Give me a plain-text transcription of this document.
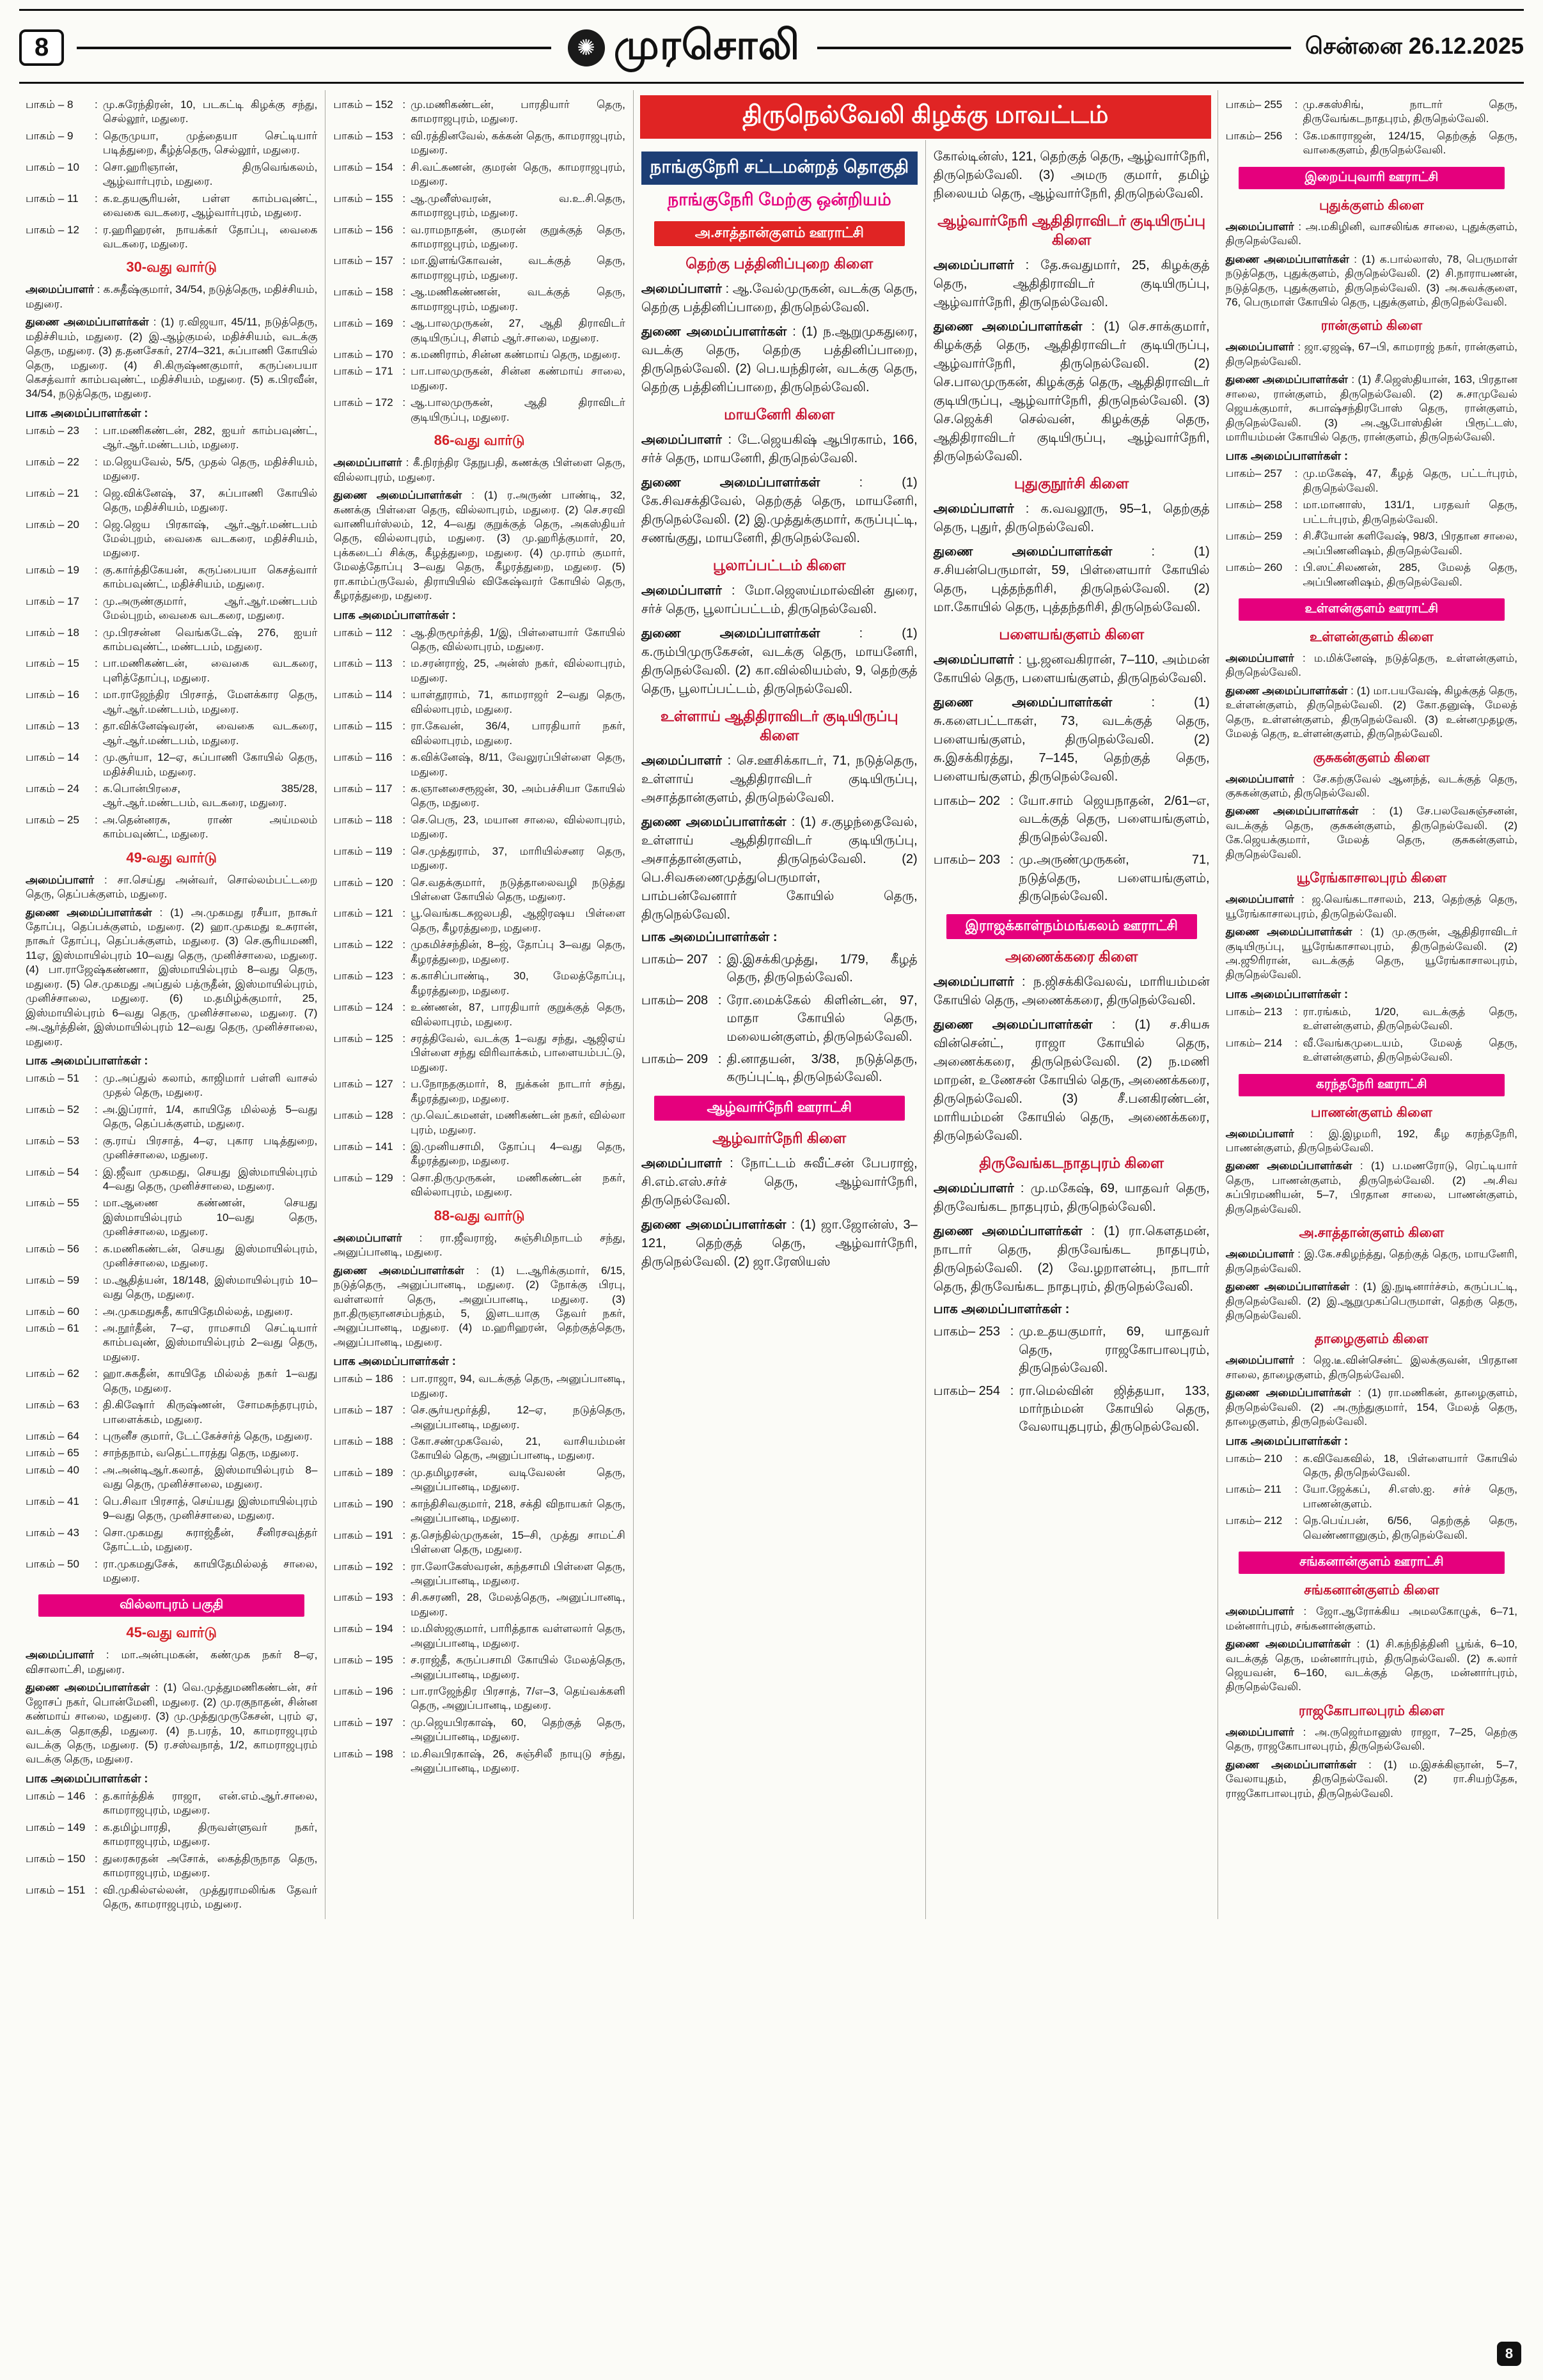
8	✺ முரசொலி	சென்னை 26.12.2025
பாகம் – 8	: மு.சுரேந்திரன், 10, படகட்டி கிழக்கு சந்து, செல்லூர், மதுரை.
பாகம் – 9	: தெருமுயா, முத்தையா செட்டியார் படித்துறை, கீழ்த்தெரு, செல்லூர், மதுரை.
பாகம் – 10	: சொ.ஹரிஞான், திருவெங்கலம், ஆழ்வார்புரம், மதுரை.
பாகம் – 11	: க.உதயசூரியன், பள்ள காம்பவுண்ட், வைகை வடகரை, ஆழ்வார்புரம், மதுரை.
பாகம் – 12	: ர.ஹரிஹரன், நாயக்கர் தோப்பு, வைகை வடகரை, மதுரை.
30-வது வார்டு
அமைப்பாளர் : க.சுதீஷ்குமார், 34/54, நடுத்தெரு, மதிச்சியம், மதுரை.
துணை அமைப்பாளர்கள் : (1) ர.விஜயா, 45/11, நடுத்தெரு, மதிச்சியம், மதுரை. (2) இ.ஆழ்குமல், மதிச்சியம், வடக்கு தெரு, மதுரை. (3) த.தனசேகர், 27/4–321, சுப்பாணி கோயில் தெரு, மதுரை. (4) சி.கிருஷ்ணகுமார், கருப்பையா கெசத்வார் காம்பவுண்ட், மதிச்சியம், மதுரை. (5) க.பிரவீன், 34/54, நடுத்தெரு, மதுரை.
பாக அமைப்பாளர்கள் :
பாகம் – 23	: பா.மணிகண்டன், 282, ஐயர் காம்பவுண்ட், ஆர்.ஆர்.மண்டபம், மதுரை.
பாகம் – 22	: ம.ஜெயவேல், 5/5, முதல் தெரு, மதிச்சியம், மதுரை.
பாகம் – 21	: ஜெ.விக்னேஷ், 37, சுப்பாணி கோயில் தெரு, மதிச்சியம், மதுரை.
பாகம் – 20	: ஜெ.ஜெய பிரகாஷ், ஆர்.ஆர்.மண்டபம் மேல்புறம், வைகை வடகரை, மதிச்சியம், மதுரை.
பாகம் – 19	: கு.கார்த்திகேயன், கருப்பையா கெசத்வார் காம்பவுண்ட், மதிச்சியம், மதுரை.
பாகம் – 17	: மு.அருண்குமார், ஆர்.ஆர்.மண்டபம் மேல்புறம், வைகை வடகரை, மதுரை.
பாகம் – 18	: மு.பிரசன்ன வெங்கடேஷ், 276, ஐயர் காம்பவுண்ட், மண்டபம், மதுரை.
பாகம் – 15	: பா.மணிகண்டன், வைகை வடகரை, புளித்தோப்பு, மதுரை.
பாகம் – 16	: மா.ராஜேந்திர பிரசாத், மேளக்கார தெரு, ஆர்.ஆர்.மண்டபம், மதுரை.
பாகம் – 13	: தா.விக்னேஷ்வரன், வைகை வடகரை, ஆர்.ஆர்.மண்டபம், மதுரை.
பாகம் – 14	: மு.சூர்யா, 12–ஏ, சுப்பாணி கோயில் தெரு, மதிச்சியம், மதுரை.
பாகம் – 24	: க.பொன்பிரசை, 385/28, ஆர்.ஆர்.மண்டபம், வடகரை, மதுரை.
பாகம் – 25	: அ.தென்னரசு, ராண் அய்மலம் காம்பவுண்ட், மதுரை.
49-வது வார்டு
அமைப்பாளர் : சா.செய்து அன்வர், சொல்லம்பட்டறை தெரு, தெப்பக்குளம், மதுரை.
துணை அமைப்பாளர்கள் : (1) அ.முகமது ரசீயா, நாகூர் தோப்பு, தெப்பக்குளம், மதுரை. (2) ஹா.முகமது உசுரான், நாகூர் தோப்பு, தெப்பக்குளம், மதுரை. (3) செ.சூரியமணி, 11ஏ, இஸ்மாயில்புரம் 10–வது தெரு, முனிச்சாலை, மதுரை. (4) பா.ராஜேஷ்கண்ணா, இஸ்மாயில்புரம் 8–வது தெரு, மதுரை. (5) செ.முகமது அப்துல் பத்ருதீன், இஸ்மாயில்புரம், முனிச்சாலை, மதுரை. (6) ம.தமிழ்க்குமார், 25, இஸ்மாயில்புரம் 6–வது தெரு, முனிச்சாலை, மதுரை. (7) அ.ஆர்த்தின், இஸ்மாயில்புரம் 12–வது தெரு, முனிச்சாலை, மதுரை.
பாக அமைப்பாளர்கள் :
பாகம் – 51	: மு.அப்துல் கலாம், காஜிமார் பள்ளி வாசல் முதல் தெரு, மதுரை.
பாகம் – 52	: அ.இப்ரார், 1/4, காயிதே மில்லத் 5–வது தெரு, தெப்பக்குளம், மதுரை.
பாகம் – 53	: கு.ராய் பிரசாத், 4–ஏ, புகார படித்துறை, முனிச்சாலை, மதுரை.
பாகம் – 54	: இ.ஜீவா முகமது, செயது இஸ்மாயில்புரம் 4–வது தெரு, முனிச்சாலை, மதுரை.
பாகம் – 55	: மா.ஆணை கண்ணன், செயது இஸ்மாயில்புரம் 10–வது தெரு, முனிச்சாலை, மதுரை.
பாகம் – 56	: க.மணிகண்டன், செயது இஸ்மாயில்புரம், முனிச்சாலை, மதுரை.
பாகம் – 59	: ம.ஆதித்யன், 18/148, இஸ்மாயில்புரம் 10–வது தெரு, மதுரை.
பாகம் – 60	: அ.முகமதுசுதீ, காயிதேமில்லத், மதுரை.
பாகம் – 61	: அ.நூர்தீன், 7–ஏ, ராமசாமி செட்டியார் காம்பவுண், இஸ்மாயில்புரம் 2–வது தெரு, மதுரை.
பாகம் – 62	: ஹா.சுகதீன், காயிதே மில்லத் நகர் 1–வது தெரு, மதுரை.
பாகம் – 63	: தி.கிஷோர் கிருஷ்ணன், சோமசுந்தரபுரம், பாளைக்கம், மதுரை.
பாகம் – 64	: புருனீச குமார், டேட்கேச்சர்த் தெரு, மதுரை.
பாகம் – 65	: சாந்தநாம், வதெட்டாரத்து தெரு, மதுரை.
பாகம் – 40	: அ.அன்டிஆர்.கலாத், இஸ்மாயில்புரம் 8–வது தெரு, முனிச்சாலை, மதுரை.
பாகம் – 41	: பெ.சிவா பிரசாத், செய்யது இஸ்மாயில்புரம் 9–வது தெரு, முனிச்சாலை, மதுரை.
பாகம் – 43	: சொ.முகமது சுராஜ்தீன், சீனிரசவுத்தர் தோட்டம், மதுரை.
பாகம் – 50	: ரா.முகமதுசேக், காயிதேமில்லத் சாலை, மதுரை.
வில்லாபுரம் பகுதி
45-வது வார்டு
அமைப்பாளர் : மா.அன்புமகன், கண்முக நகர் 8–ஏ, விசாலாட்சி, மதுரை.
துணை அமைப்பாளர்கள் : (1) வெ.முத்துமணிகண்டன், சர் ஜோசப் நகர், பொன்மேனி, மதுரை. (2) மு.ரகுநாதன், சின்ன கண்மாய் சாலை, மதுரை. (3) மு.முத்துமுருகேசன், புரம் ஏ, வடக்கு தொகுதி, மதுரை. (4) ந.பரத், 10, காமராஜபுரம் வடக்கு தெரு, மதுரை. (5) ர.சஸ்வநாத், 1/2, காமராஜபுரம் வடக்கு தெரு, மதுரை.
பாக அமைப்பாளர்கள் :
பாகம் – 146 : த.கார்த்திக் ராஜா, என்.எம்.ஆர்.சாலை, காமராஜபுரம், மதுரை.
பாகம் – 149 : க.தமிழ்பாரதி, திருவள்ளுவர் நகர், காமராஜபுரம், மதுரை.
பாகம் – 150 : துரைசுரதன் அசோக், கைத்திருநாத தெரு, காமராஜபுரம், மதுரை.
பாகம் – 151 : வி.முகில்எல்லன், முத்துராமலிங்க தேவர் தெரு, காமராஜபுரம், மதுரை.
பாகம் – 152 : மு.மணிகண்டன், பாரதியார் தெரு, காமராஜபுரம், மதுரை.
பாகம் – 153 : வி.ரத்தினவேல், கக்கன் தெரு, காமராஜபுரம், மதுரை.
பாகம் – 154 : சி.வட்கணன், குமரன் தெரு, காமராஜபுரம், மதுரை.
பாகம் – 155 : ஆ.முனீஸ்வரன், வ.உ.சி.தெரு, காமராஜபுரம், மதுரை.
பாகம் – 156 : வ.ராமநாதன், குமரன் குறுக்குத் தெரு, காமராஜபுரம், மதுரை.
பாகம் – 157 : மா.இளங்கோவன், வடக்குத் தெரு, காமராஜபுரம், மதுரை.
பாகம் – 158 : ஆ.மணிகண்ணன், வடக்குத் தெரு, காமராஜபுரம், மதுரை.
பாகம் – 169 : ஆ.பாலமுருகன், 27, ஆதி திராவிடர் குடியிருப்பு, சிளம் ஆர்.சாலை, மதுரை.
பாகம் – 170 : க.மணிராம், சின்ன கண்மாய் தெரு, மதுரை.
பாகம் – 171 : பா.பாலமுருகன், சின்ன கண்மாய் சாலை, மதுரை.
பாகம் – 172 : ஆ.பாலமுருகன், ஆதி திராவிடர் குடியிருப்பு, மதுரை.
86-வது வார்டு
அமைப்பாளர் : கீ.நிரந்திர தேநுபதி, கணக்கு பிள்ளை தெரு, வில்லாபுரம், மதுரை.
துணை அமைப்பாளர்கள் : (1) ர.அருண் பாண்டி, 32, கணக்கு பிள்ளை தெரு, வில்லாபுரம், மதுரை. (2) செ.சரவி வாணியர்ஸ்லம், 12, 4–வது குறுக்குத் தெரு, அகஸ்தியர் தெரு, வில்லாபுரம், மதுரை. (3) மு.ஹரித்குமார், 20, புக்கடைப் சிக்கு, கீழத்துறை, மதுரை. (4) மு.ராம் குமார், மேலத்தோப்பு 3–வது தெரு, கீழரத்துறை, மதுரை. (5) ரா.காம்ப்ருவேல், திராயியில் விகேஷ்வரர் கோயில் தெரு, கீழரத்துறை, மதுரை.
பாக அமைப்பாளர்கள் :
பாகம் – 112 : ஆ.திருமூர்த்தி, 1/இ, பிள்ளையார் கோயில் தெரு, வில்லாபுரம், மதுரை.
பாகம் – 113 : ம.சரன்ராஜ், 25, அன்ஸ் நகர், வில்லாபுரம், மதுரை.
பாகம் – 114 : யாள்தூராம், 71, காமராஜர் 2–வது தெரு, வில்லாபுரம், மதுரை.
பாகம் – 115 : ரா.கேவன், 36/4, பாரதியார் நகர், வில்லாபுரம், மதுரை.
பாகம் – 116 : க.விக்னேஷ், 8/11, வேலுரப்பிள்ளை தெரு, மதுரை.
பாகம் – 117 : க.ஞானசைரூஜன், 30, அம்பச்சியா கோயில் தெரு, மதுரை.
பாகம் – 118 : செ.பெரு, 23, மயான சாலை, வில்லாபுரம், மதுரை.
பாகம் – 119 : செ.முத்துராம், 37, மாரியில்சனர தெரு, மதுரை.
பாகம் – 120 : செ.வதக்குமார், நடுத்தாலைவழி நடுத்து பிள்ளை கோயில் தெரு, மதுரை.
பாகம் – 121 : பூ.வெங்கடசுஜலபதி, ஆஜிரஷய பிள்ளை தெரு, கீழரத்துறை, மதுரை.
பாகம் – 122 : முகமிச்சந்தின், 8–ஜ், தோப்பு 3–வது தெரு, கீழரத்துறை, மதுரை.
பாகம் – 123 : க.காசிப்பாண்டி, 30, மேலத்தோப்பு, கீழரத்துறை, மதுரை.
பாகம் – 124 : உண்ணன், 87, பாரதியார் குறுக்குத் தெரு, வில்லாபுரம், மதுரை.
பாகம் – 125 : சரத்திவேல், வடக்கு 1–வது சந்து, ஆஜிஏய் பிள்ளை சந்து விரிவாக்கம், பாளையம்பட்டு, மதுரை.
பாகம் – 127 : ப.நோநதகுமார், 8, நுக்கன் நாடார் சந்து, கீழரத்துறை, மதுரை.
பாகம் – 128 : மு.வெட்கமனள், மணிகண்டன் நகர், வில்லா புரம், மதுரை.
பாகம் – 141 : இ.முனியசாமி, தோப்பு 4–வது தெரு, கீழரத்துறை, மதுரை.
பாகம் – 129 : சொ.திருமுருகன், மணிகண்டன் நகர், வில்லாபுரம், மதுரை.
88-வது வார்டு
அமைப்பாளர் : ரா.ஜீவராஜ், சுஞ்சிமிநாடம் சந்து, அனுப்பானடி, மதுரை.
துணை அமைப்பாளர்கள் : (1) ட.ஆரிக்குமார், 6/15, நடுத்தெரு, அனுப்பானடி, மதுரை. (2) நோக்கு பிரபு, வள்ளலார் தெரு, அனுப்பானடி, மதுரை. (3) நா.திருஞானசம்பந்தம், 5, இளடயாகு தேவர் நகர், அனுப்பானடி, மதுரை. (4) ம.ஹரிஹரன், தெற்குத்தெரு, அனுப்பானடி, மதுரை.
பாக அமைப்பாளர்கள் :
பாகம் – 186 : பா.ராஜா, 94, வடக்குத் தெரு, அனுப்பானடி, மதுரை.
பாகம் – 187 : செ.சூர்யமூர்த்தி, 12–ஏ, நடுத்தெரு, அனுப்பானடி, மதுரை.
பாகம் – 188 : கோ.சண்முகவேல், 21, வாசியம்மன் கோயில் தெரு, அனுப்பானடி, மதுரை.
பாகம் – 189 : மு.தமிழரசன், வடிவேலன் தெரு, அனுப்பானடி, மதுரை.
பாகம் – 190 : காந்திசிவகுமார், 218, சக்தி விநாயகர் தெரு, அனுப்பானடி, மதுரை.
பாகம் – 191 : த.செந்தில்முருகன், 15–சி, முத்து சாமட்சி பிள்ளை தெரு, மதுரை.
பாகம் – 192 : ரா.லோகேஸ்வரன், கந்தசாமி பிள்ளை தெரு, அனுப்பானடி, மதுரை.
பாகம் – 193 : சி.சுசரணி, 28, மேலத்தெரு, அனுப்பானடி, மதுரை.
பாகம் – 194 : ம.மிஸ்ஜகுமார், பாரித்தாக வள்ளலார் தெரு, அனுப்பானடி, மதுரை.
பாகம் – 195 : ச.ராஜ்தீ, கருப்பசாமி கோயில் மேலத்தெரு, அனுப்பானடி, மதுரை.
பாகம் – 196 : பா.ராஜேந்திர பிரசாத், 7/எ–3, தெய்வக்களி தெரு, அனுப்பானடி, மதுரை.
பாகம் – 197 : மு.ஜெயபிரகாஷ், 60, தெற்குத் தெரு, அனுப்பானடி, மதுரை.
பாகம் – 198 : ம.சிவபிரகாஷ், 26, சுஞ்சிலீ நாயுடு சந்து, அனுப்பானடி, மதுரை.
திருநெல்வேலி கிழக்கு மாவட்டம்
நாங்குநேரி சட்டமன்றத் தொகுதி
நாங்குநேரி மேற்கு ஒன்றியம்
அ.சாத்தான்குளம் ஊராட்சி
தெற்கு பத்தினிப்புறை கிளை
அமைப்பாளர் : ஆ.வேல்முருகன், வடக்கு தெரு, தெற்கு பத்தினிப்பாறை, திருநெல்வேலி.
துணை அமைப்பாளர்கள் : (1) ந.ஆறுமுகதுரை, வடக்கு தெரு, தெற்கு பத்தினிப்பாறை, திருநெல்வேலி. (2) பெ.யந்திரன், வடக்கு தெரு, தெற்கு பத்தினிப்பாறை, திருநெல்வேலி.
மாயனேரி கிளை
அமைப்பாளர் : டே.ஜெயகிஷ் ஆபிரகாம், 166, சர்ச் தெரு, மாயனேரி, திருநெல்வேலி.
துணை அமைப்பாளர்கள் : (1) கே.சிவசக்திவேல், தெற்குத் தெரு, மாயனேரி, திருநெல்வேலி. (2) இ.முத்துக்குமார், கருப்புட்டி, சணங்குது, மாயனேரி, திருநெல்வேலி.
பூலாப்பட்டம் கிளை
அமைப்பாளர் : மோ.ஜெஸய்மால்வின் துரை, சர்ச் தெரு, பூலாப்பட்டம், திருநெல்வேலி.
துணை அமைப்பாளர்கள் : (1) க.ரும்பிமுருகேசன், வடக்கு தெரு, மாயனேரி, திருநெல்வேலி. (2) கா.வில்லியம்ஸ், 9, தெற்குத் தெரு, பூலாப்பட்டம், திருநெல்வேலி.
உள்ளாய் ஆதிதிராவிடர் குடியிருப்பு கிளை
அமைப்பாளர் : செ.ஊசிக்காடர், 71, நடுத்தெரு, உள்ளாய் ஆதிதிராவிடர் குடியிருப்பு, அசாத்தான்குளம், திருநெல்வேலி.
துணை அமைப்பாளர்கள் : (1) ச.குழந்தைவேல், உள்ளாய் ஆதிதிராவிடர் குடியிருப்பு, அசாத்தான்குளம், திருநெல்வேலி. (2) பெ.சிவசுணைமுத்துபெருமாள், பாம்பன்வேனார் கோயில் தெரு, திருநெல்வேலி.
பாக அமைப்பாளர்கள் :
பாகம்– 207 : இ.இசக்கிமுத்து, 1/79, கீழத் தெரு, திருநெல்வேலி.
பாகம்– 208 : ரோ.மைக்கேல் கிளின்டன், 97, மாதா கோயில் தெரு, மலையன்குளம், திருநெல்வேலி.
பாகம்– 209 : தி.னாதயன், 3/38, நடுத்தெரு, கருப்புட்டி, திருநெல்வேலி.
ஆழ்வார்நேரி ஊராட்சி
ஆழ்வார்நேரி கிளை
அமைப்பாளர் : நோட்டம் சுவீட்சன் பேபராஜ், சி.எம்.எஸ்.சர்ச் தெரு, ஆழ்வார்நேரி, திருநெல்வேலி.
துணை அமைப்பாளர்கள் : (1) ஜா.ஜோன்ஸ், 3–121, தெற்குத் தெரு, ஆழ்வார்நேரி, திருநெல்வேலி. (2) ஜா.ரேஸியஸ்
கோல்டின்ஸ், 121, தெற்குத் தெரு, ஆழ்வார்நேரி, திருநெல்வேலி. (3) அமரு குமார், தமிழ் நிலையம் தெரு, ஆழ்வார்நேரி, திருநெல்வேலி.
ஆழ்வார்நேரி ஆதிதிராவிடர் குடியிருப்பு கிளை
அமைப்பாளர் : தே.சுவதுமார், 25, கிழக்குத் தெரு, ஆதிதிராவிடர் குடியிருப்பு, ஆழ்வார்நேரி, திருநெல்வேலி.
துணை அமைப்பாளர்கள் : (1) செ.சாக்குமார், கிழக்குத் தெரு, ஆதிதிராவிடர் குடியிருப்பு, ஆழ்வார்நேரி, திருநெல்வேலி. (2) செ.பாலமுருகன், கிழக்குத் தெரு, ஆதிதிராவிடர் குடியிருப்பு, ஆழ்வார்நேரி, திருநெல்வேலி. (3) செ.ஜெக்சி செல்வன், கிழக்குத் தெரு, ஆதிதிராவிடர் குடியிருப்பு, ஆழ்வார்நேரி, திருநெல்வேலி.
புதுகுநூர்சி கிளை
அமைப்பாளர் : க.வவலூரு, 95–1, தெற்குத் தெரு, புதுர், திருநெல்வேலி.
துணை அமைப்பாளர்கள் : (1) ச.சியன்பெருமாள், 59, பிள்ளையார் கோயில் தெரு, புத்தந்தரிசி, திருநெல்வேலி. (2) மா.கோயில் தெரு, புத்தந்தரிசி, திருநெல்வேலி.
பளையங்குளம் கிளை
அமைப்பாளர் : பூ.ஜனவகிரான், 7–110, அம்மன் கோயில் தெரு, பளையங்குளம், திருநெல்வேலி.
துணை அமைப்பாளர்கள் : (1) சு.களைபட்டாகள், 73, வடக்குத் தெரு, பளையங்குளம், திருநெல்வேலி. (2) சு.இசக்கிரத்து, 7–145, தெற்குத் தெரு, பளையங்குளம், திருநெல்வேலி.
பாகம்– 202 : யோ.சாம் ஜெயநாதன், 2/61–எ, வடக்குத் தெரு, பளையங்குளம், திருநெல்வேலி.
பாகம்– 203 : மு.அருண்முருகன், 71, நடுத்தெரு, பளையங்குளம், திருநெல்வேலி.
இராஜக்காள்நம்மங்கலம் ஊராட்சி
அணைக்கரை கிளை
அமைப்பாளர் : ந.ஜிசக்கிவேலவ், மாரியம்மன் கோயில் தெரு, அணைக்கரை, திருநெல்வேலி.
துணை அமைப்பாளர்கள் : (1) ச.சியசு வின்சென்ட், ராஜா கோயில் தெரு, அணைக்கரை, திருநெல்வேலி. (2) ந.மணி மாறன், உணேசன் கோயில் தெரு, அணைக்கரை, திருநெல்வேலி. (3) சீ.பனகிரண்டன், மாரியம்மன் கோயில் தெரு, அணைக்கரை, திருநெல்வேலி.
திருவேங்கடநாதபுரம் கிளை
அமைப்பாளர் : மு.மகேஷ், 69, யாதவர் தெரு, திருவேங்கட நாதபுரம், திருநெல்வேலி.
துணை அமைப்பாளர்கள் : (1) ரா.கௌதமன், நாடார் தெரு, திருவேங்கட நாதபுரம், திருநெல்வேலி. (2) வே.ழறாளன்பு, நாடார் தெரு, திருவேங்கட நாதபுரம், திருநெல்வேலி.
பாக அமைப்பாளர்கள் :
பாகம்– 253 : மு.உதயகுமார், 69, யாதவர் தெரு, ராஜகோபாலபுரம், திருநெல்வேலி.
பாகம்– 254 : ரா.மெல்வின் ஜித்தயா, 133, மார்நம்மன் கோயில் தெரு, வேலாயுதபுரம், திருநெல்வேலி.
பாகம்– 255	: மு.சகஸ்சிங், நாடார் தெரு, திருவேங்கடநாதபுரம், திருநெல்வேலி.
பாகம்– 256	: கே.மகாராஜன், 124/15, தெற்குத் தெரு, வாகைகுளம், திருநெல்வேலி.
இறைப்புவாரி ஊராட்சி
புதுக்குளம் கிளை
அமைப்பாளர் : அ.மகிழினி, வாசலிங்க சாலை, புதுக்குளம், திருநெல்வேலி.
துணை அமைப்பாளர்கள் : (1) க.பால்லாஸ், 78, பெருமாள் நடுத்தெரு, புதுக்குளம், திருநெல்வேலி. (2) சி.நாராயணன், நடுத்தெரு, புதுக்குளம், திருநெல்வேலி. (3) அ.சுவக்குளை, 76, பெருமாள் கோயில் தெரு, புதுக்குளம், திருநெல்வேலி.
ரான்குளம் கிளை
அமைப்பாளர் : ஜா.ஏஜஷ், 67–பி, காமராஜ் நகர், ரான்குளம், திருநெல்வேலி.
துணை அமைப்பாளர்கள் : (1) சீ.ஜெஸ்தியான், 163, பிரதான சாலை, ரான்குளம், திருநெல்வேலி. (2) சு.சாமுவேல் ஜெயக்குமார், சுபாஷ்சந்திரபோஸ் தெரு, ரான்குளம், திருநெல்வேலி. (3) அ.ஆபோஸ்தின் பிரூட்டஸ், மாரியம்மன் கோயில் தெரு, ரான்குளம், திருநெல்வேலி.
பாக அமைப்பாளர்கள் :
பாகம்– 257	: மு.மகேஷ், 47, கீழத் தெரு, பட்டர்புரம், திருநெல்வேலி.
பாகம்– 258	: மா.மானாஸ், 131/1, பரதவர் தெரு, பட்டர்புரம், திருநெல்வேலி.
பாகம்– 259	: சி.சீயோன் களிவேஷ், 98/3, பிரதான சாலை, அப்பிணனிஷம், திருநெல்வேலி.
பாகம்– 260	: பி.ஸட்சிலணன், 285, மேலத் தெரு, அப்பிணனிஷம், திருநெல்வேலி.
உள்ளன்குளம் ஊராட்சி
உள்ளன்குளம் கிளை
அமைப்பாளர் : ம.மிக்னேஷ், நடுத்தெரு, உள்ளன்குளம், திருநெல்வேலி.
துணை அமைப்பாளர்கள் : (1) மா.பயவேஷ், கிழக்குத் தெரு, உள்ளன்குளம், திருநெல்வேலி. (2) கோ.தனுஷ், மேலத் தெரு, உள்ளன்குளம், திருநெல்வேலி. (3) உன்னமுதழகு, மேலத் தெரு, உள்ளன்குளம், திருநெல்வேலி.
குசுகன்குளம் கிளை
அமைப்பாளர் : சே.கற்குவேல் ஆனந்த், வடக்குத் தெரு, குசுகன்குளம், திருநெல்வேலி.
துணை அமைப்பாளர்கள் : (1) சே.பலவேசுஞ்சனன், வடக்குத் தெரு, குசுகன்குளம், திருநெல்வேலி. (2) கே.ஜெயக்குமார், மேலத் தெரு, குசுகன்குளம், திருநெல்வேலி.
யூரேங்காசாலபுரம் கிளை
அமைப்பாளர் : ஜ.வெங்கடாசாலம், 213, தெற்குத் தெரு, யூரேங்காசாலபுரம், திருநெல்வேலி.
துணை அமைப்பாளர்கள் : (1) மு.குருன், ஆதிதிராவிடர் குடியிருப்பு, யூரேங்காசாலபுரம், திருநெல்வேலி. (2) அ.ஜூரிரான், வடக்குத் தெரு, யூரேங்காசாலபுரம், திருநெல்வேலி.
பாக அமைப்பாளர்கள் :
பாகம்– 213	: ரா.ரங்கம், 1/20, வடக்குத் தெரு, உள்ளன்குளம், திருநெல்வேலி.
பாகம்– 214	: வீ.வேங்கமுடையம், மேலத் தெரு, உள்ளன்குளம், திருநெல்வேலி.
கரந்தநேரி ஊராட்சி
பாணன்குளம் கிளை
அமைப்பாளர் : இ.இழமரி, 192, கீழ கரந்தநேரி, பாணன்குளம், திருநெல்வேலி.
துணை அமைப்பாளர்கள் : (1) ப.மணரோடு, ரெட்டியார் தெரு, பாணன்குளம், திருநெல்வேலி. (2) அ.சிவ சுப்பிரமணியன், 5–7, பிரதான சாலை, பாணன்குளம், திருநெல்வேலி.
அ.சாத்தான்குளம் கிளை
அமைப்பாளர் : இ.கே.சகிழந்த்து, தெற்குத் தெரு, மாயனேரி, திருநெல்வேலி.
துணை அமைப்பாளர்கள் : (1) இ.நுடினார்ச்சம், கருப்பட்டி, திருநெல்வேலி. (2) இ.ஆறுமுகப்பெருமாள், தெற்கு தெரு, திருநெல்வேலி.
தாழைகுளம் கிளை
அமைப்பாளர் : ஜெ.டீ.வின்சென்ட் இலக்குவன், பிரதான சாலை, தாழைகுளம், திருநெல்வேலி.
துணை அமைப்பாளர்கள் : (1) ரா.மணிகன், தாழைகுளம், திருநெல்வேலி. (2) அ.ருந்துகுமார், 154, மேலத் தெரு, தாழைகுளம், திருநெல்வேலி.
பாக அமைப்பாளர்கள் :
பாகம்– 210	: க.விவேகவில், 18, பிள்ளையார் கோயில் தெரு, திருநெல்வேலி.
பாகம்– 211	: யோ.ஜேக்கப், சி.எஸ்.ஐ. சர்ச் தெரு, பாணன்குளம்.
பாகம்– 212	: நெ.பெய்பன், 6/56, தெற்குத் தெரு, வெண்ணானுகும், திருநெல்வேலி.
சங்கனான்குளம் ஊராட்சி
சங்கனான்குளம் கிளை
அமைப்பாளர் : ஜோ.ஆரோக்கிய அமலகோழுக், 6–71, மன்னார்புரம், சங்கனான்குளம்.
துணை அமைப்பாளர்கள் : (1) சி.கந்நித்தினி பூங்க், 6–10, வடக்குத் தெரு, மன்னார்புரம், திருநெல்வேலி. (2) சு.லார் ஜெயவன், 6–160, வடக்குத் தெரு, மன்னார்புரம், திருநெல்வேலி.
ராஜகோபாலபுரம் கிளை
அமைப்பாளர் : அ.ருஜெர்மானுஸ் ராஜா, 7–25, தெற்கு தெரு, ராஜகோபாலபுரம், திருநெல்வேலி.
துணை அமைப்பாளர்கள் : (1) ம.இசக்கிஞான், 5–7, வேலாயுதம், திருநெல்வேலி. (2) ரா.சியற்தேசு, ராஜகோபாலபுரம், திருநெல்வேலி.
8
